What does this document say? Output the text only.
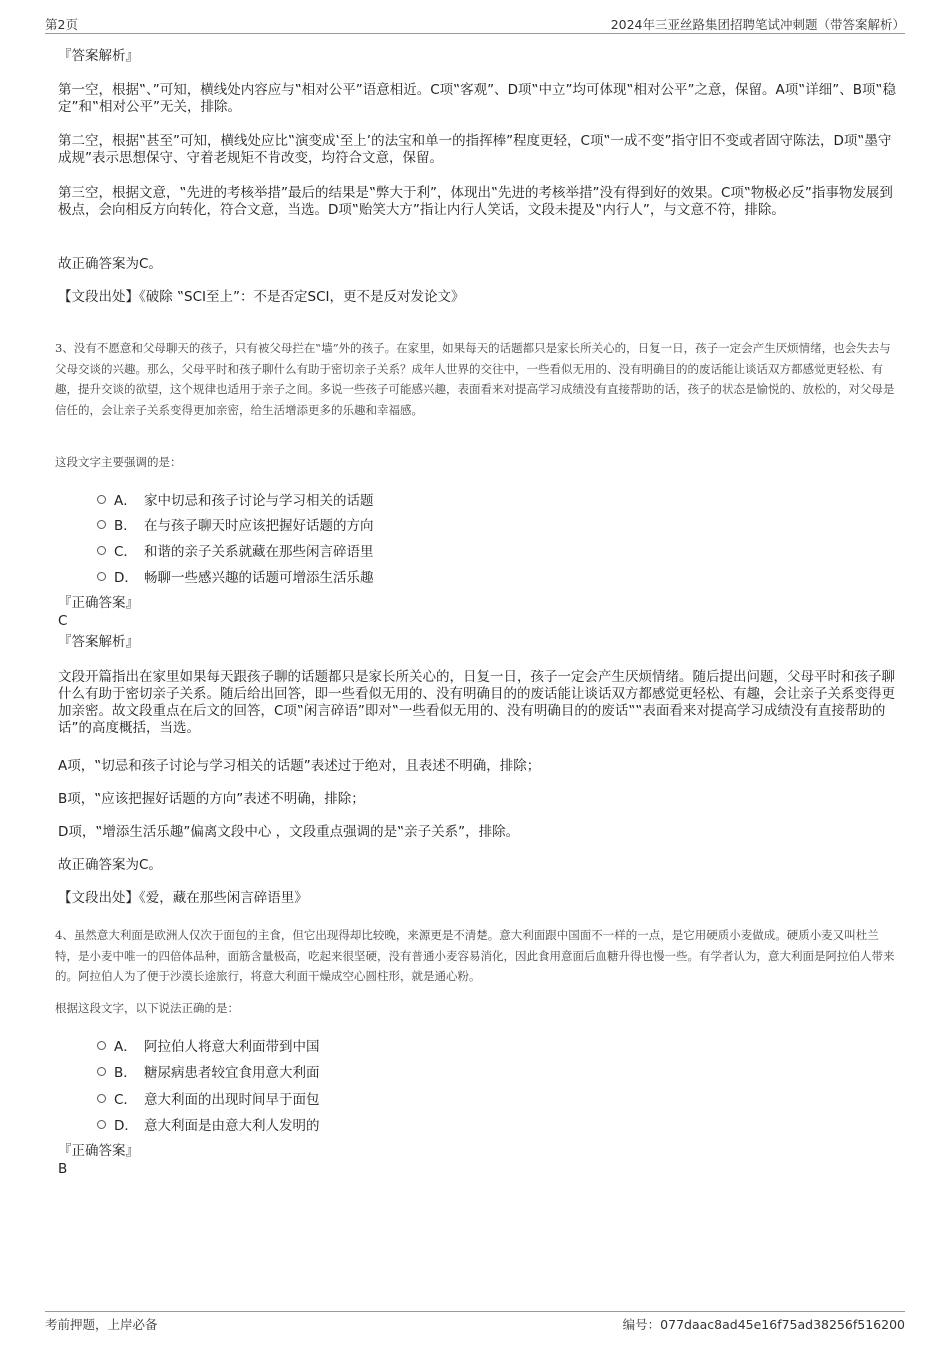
第2页	2024年三亚丝路集团招聘笔试冲刺题（带答案解析）
『答案解析』
第一空，根据‟、”可知，横线处内容应与‟相对公平”语意相近。C项‟客观”、D项‟中立”均可体现‟相对公平”之意，保留。A项‟详细”、B项‟稳定”和‟相对公平”无关，排除。
第二空，根据‟甚至”可知，横线处应比‟演变成‛至上’的法宝和单一的指挥棒”程度更轻，C项‟一成不变”指守旧不变或者固守陈法，D项‟墨守成规”表示思想保守、守着老规矩不肯改变，均符合文意，保留。
第三空，根据文意，‟先进的考核举措”最后的结果是‟弊大于利”，体现出‟先进的考核举措”没有得到好的效果。C项‟物极必反”指事物发展到极点，会向相反方向转化，符合文意，当选。D项‟贻笑大方”指让内行人笑话，文段未提及‟内行人”，与文意不符，排除。
故正确答案为C。
【文段出处】《破除 ‟SCI至上”：不是否定SCI，更不是反对发论文》
3、没有不愿意和父母聊天的孩子，只有被父母拦在‟墙”外的孩子。在家里，如果每天的话题都只是家长所关心的，日复一日，孩子一定会产生厌烦情绪，也会失去与父母交谈的兴趣。那么，父母平时和孩子聊什么有助于密切亲子关系？成年人世界的交往中，一些看似无用的、没有明确目的的废话能让谈话双方都感觉更轻松、有趣，提升交谈的欲望，这个规律也适用于亲子之间。多说一些孩子可能感兴趣，表面看来对提高学习成绩没有直接帮助的话，孩子的状态是愉悦的、放松的，对父母是信任的，会让亲子关系变得更加亲密，给生活增添更多的乐趣和幸福感。
这段文字主要强调的是：
A． 家中切忌和孩子讨论与学习相关的话题
B． 在与孩子聊天时应该把握好话题的方向
C． 和谐的亲子关系就藏在那些闲言碎语里
D． 畅聊一些感兴趣的话题可增添生活乐趣
『正确答案』
C
『答案解析』
文段开篇指出在家里如果每天跟孩子聊的话题都只是家长所关心的，日复一日，孩子一定会产生厌烦情绪。随后提出问题，父母平时和孩子聊什么有助于密切亲子关系。随后给出回答，即一些看似无用的、没有明确目的的废话能让谈话双方都感觉更轻松、有趣，会让亲子关系变得更加亲密。故文段重点在后文的回答，C项‟闲言碎语”即对‟一些看似无用的、没有明确目的的废话‟‟表面看来对提高学习成绩没有直接帮助的话”的高度概括，当选。
A项，‟切忌和孩子讨论与学习相关的话题”表述过于绝对，且表述不明确，排除；
B项，‟应该把握好话题的方向”表述不明确，排除；
D项，‟增添生活乐趣”偏离文段中心 ，文段重点强调的是‟亲子关系”，排除。
故正确答案为C。
【文段出处】《爱，藏在那些闲言碎语里》
4、虽然意大利面是欧洲人仅次于面包的主食，但它出现得却比较晚，来源更是不清楚。意大利面跟中国面不一样的一点，是它用硬质小麦做成。硬质小麦又叫杜兰特，是小麦中唯一的四倍体品种，面筋含量极高，吃起来很坚硬，没有普通小麦容易消化，因此食用意面后血糖升得也慢一些。有学者认为，意大利面是阿拉伯人带来的。阿拉伯人为了便于沙漠长途旅行，将意大利面干燥成空心圆柱形，就是通心粉。
根据这段文字，以下说法正确的是：
A． 阿拉伯人将意大利面带到中国
B． 糖尿病患者较宜食用意大利面
C． 意大利面的出现时间早于面包
D． 意大利面是由意大利人发明的
『正确答案』
B
考前押题，上岸必备	编号：077daac8ad45e16f75ad38256f516200
